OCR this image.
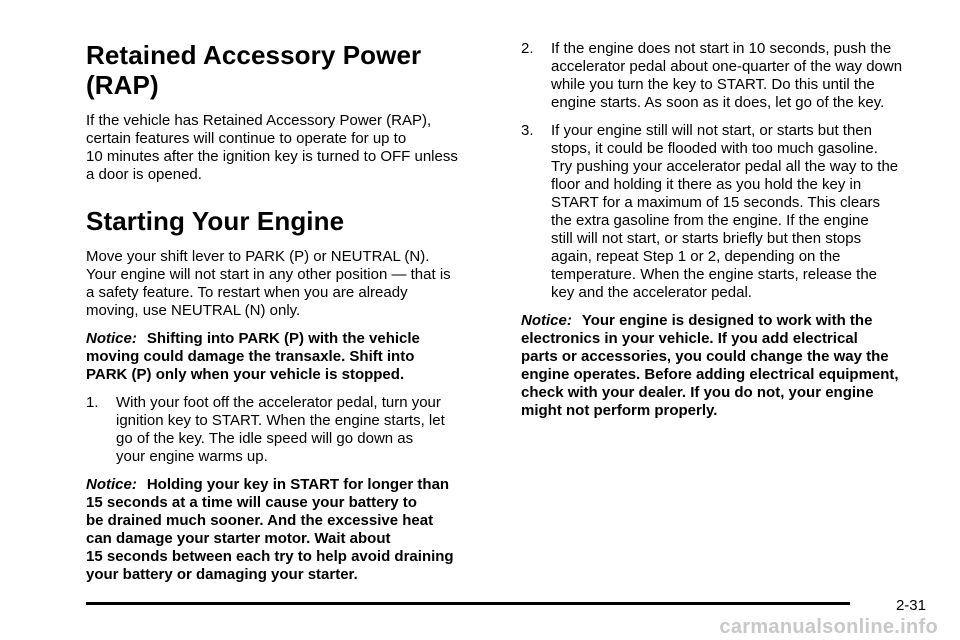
Retained Accessory Power (RAP)

If the vehicle has Retained Accessory Power (RAP),
certain features will continue to operate for up to
10 minutes after the ignition key is turned to OFF unless
a door is opened.

Starting Your Engine

Move your shift lever to PARK (P) or NEUTRAL (N).
Your engine will not start in any other position — that is
a safety feature. To restart when you are already
moving, use NEUTRAL (N) only.

Notice: Shifting into PARK (P) with the vehicle
moving could damage the transaxle. Shift into
PARK (P) only when your vehicle is stopped.

1. With your foot off the accelerator pedal, turn your
ignition key to START. When the engine starts, let
go of the key. The idle speed will go down as
your engine warms up.

Notice: Holding your key in START for longer than
15 seconds at a time will cause your battery to
be drained much sooner. And the excessive heat
can damage your starter motor. Wait about
15 seconds between each try to help avoid draining
your battery or damaging your starter.

2. If the engine does not start in 10 seconds, push the
accelerator pedal about one-quarter of the way down
while you turn the key to START. Do this until the
engine starts. As soon as it does, let go of the key.
3. If your engine still will not start, or starts but then
stops, it could be flooded with too much gasoline.
Try pushing your accelerator pedal all the way to the
floor and holding it there as you hold the key in
START for a maximum of 15 seconds. This clears
the extra gasoline from the engine. If the engine
still will not start, or starts briefly but then stops
again, repeat Step 1 or 2, depending on the
temperature. When the engine starts, release the
key and the accelerator pedal.

Notice: Your engine is designed to work with the
electronics in your vehicle. If you add electrical
parts or accessories, you could change the way the
engine operates. Before adding electrical equipment,
check with your dealer. If you do not, your engine
might not perform properly.

2-31
carmanualsonline.info
